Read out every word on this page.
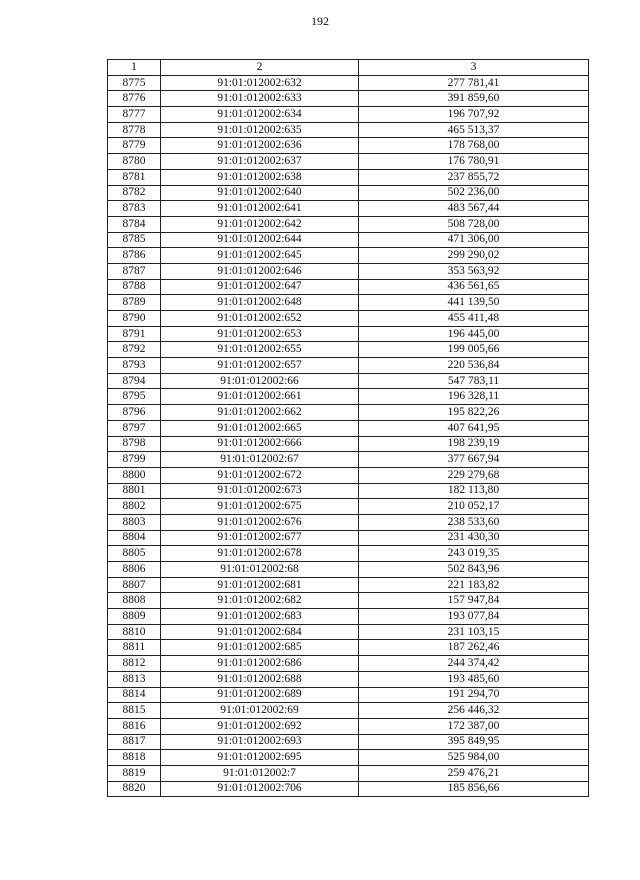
192
1	2	3
8775	91:01:012002:632	277 781,41
8776	91:01:012002:633	391 859,60
8777	91:01:012002:634	196 707,92
8778	91:01:012002:635	465 513,37
8779	91:01:012002:636	178 768,00
8780	91:01:012002:637	176 780,91
8781	91:01:012002:638	237 855,72
8782	91:01:012002:640	502 236,00
8783	91:01:012002:641	483 567,44
8784	91:01:012002:642	508 728,00
8785	91:01:012002:644	471 306,00
8786	91:01:012002:645	299 290,02
8787	91:01:012002:646	353 563,92
8788	91:01:012002:647	436 561,65
8789	91:01:012002:648	441 139,50
8790	91:01:012002:652	455 411,48
8791	91:01:012002:653	196 445,00
8792	91:01:012002:655	199 005,66
8793	91:01:012002:657	220 536,84
8794	91:01:012002:66	547 783,11
8795	91:01:012002:661	196 328,11
8796	91:01:012002:662	195 822,26
8797	91:01:012002:665	407 641,95
8798	91:01:012002:666	198 239,19
8799	91:01:012002:67	377 667,94
8800	91:01:012002:672	229 279,68
8801	91:01:012002:673	182 113,80
8802	91:01:012002:675	210 052,17
8803	91:01:012002:676	238 533,60
8804	91:01:012002:677	231 430,30
8805	91:01:012002:678	243 019,35
8806	91:01:012002:68	502 843,96
8807	91:01:012002:681	221 183,82
8808	91:01:012002:682	157 947,84
8809	91:01:012002:683	193 077,84
8810	91:01:012002:684	231 103,15
8811	91:01:012002:685	187 262,46
8812	91:01:012002:686	244 374,42
8813	91:01:012002:688	193 485,60
8814	91:01:012002:689	191 294,70
8815	91:01:012002:69	256 446,32
8816	91:01:012002:692	172 387,00
8817	91:01:012002:693	395 849,95
8818	91:01:012002:695	525 984,00
8819	91:01:012002:7	259 476,21
8820	91:01:012002:706	185 856,66
